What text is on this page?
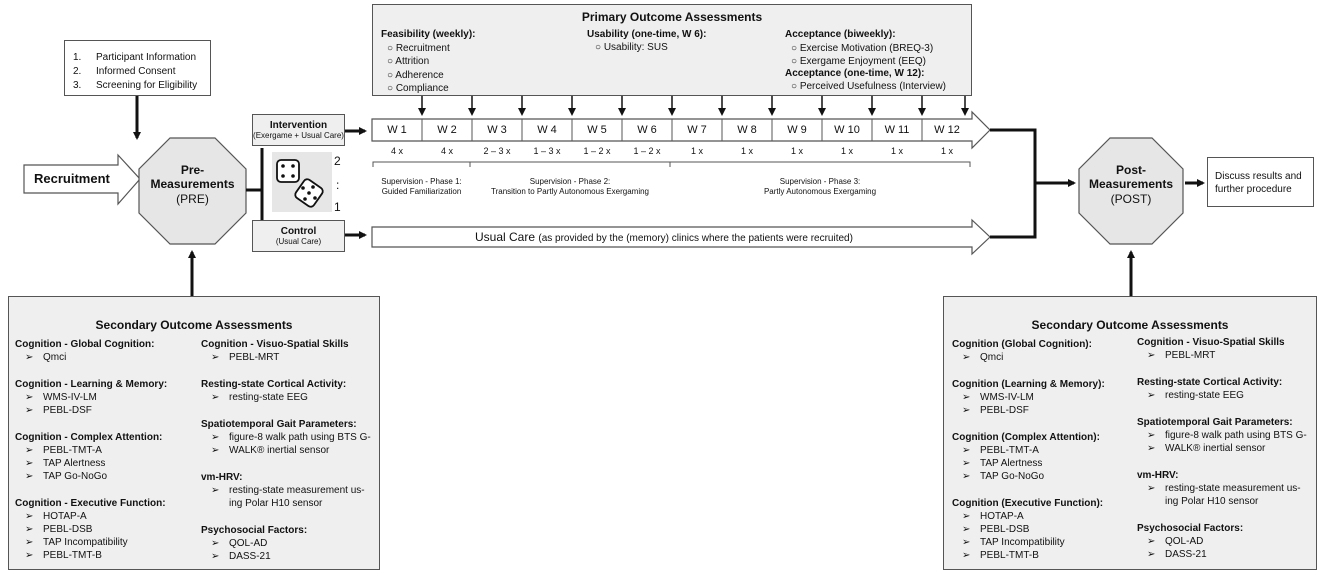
1. Participant Information
2. Informed Consent
3. Screening for Eligibility
Recruitment
Pre-
Measurements
(PRE)
Post-
Measurements
(POST)
Discuss results and further procedure
2
:
1
Intervention
(Exergame + Usual Care)
Control
(Usual Care)	Usual Care (as provided by the (memory) clinics where the patients were recruited)
Primary Outcome Assessments
Feasibility (weekly):
○ Recruitment
○ Attrition
○ Adherence
○ Compliance
Usability (one-time, W 6):
○ Usability: SUS
Acceptance (biweekly):
○ Exercise Motivation (BREQ-3)
○ Exergame Enjoyment (EEQ)
Acceptance (one-time, W 12):
○ Perceived Usefulness (Interview)
W 1	W 2	W 3	W 4	W 5	W 6	W 7	W 8	W 9	W 10	W 11	W 12
4 x	4 x	2 – 3 x	1 – 3 x	1 – 2 x	1 – 2 x	1 x	1 x	1 x	1 x	1 x	1 x
Supervision - Phase 1:
Guided Familiarization
Supervision - Phase 2:
Transition to Partly Autonomous Exergaming
Supervision - Phase 3:
Partly Autonomous Exergaming
Secondary Outcome Assessments
Cognition - Global Cognition:
➢ Qmci
Cognition - Learning & Memory:
➢ WMS-IV-LM
➢ PEBL-DSF
Cognition - Complex Attention:
➢ PEBL-TMT-A
➢ TAP Alertness
➢ TAP Go-NoGo
Cognition - Executive Function:
➢ HOTAP-A
➢ PEBL-DSB
➢ TAP Incompatibility
➢ PEBL-TMT-B
Cognition - Visuo-Spatial Skills
➢ PEBL-MRT
Resting-state Cortical Activity:
➢ resting-state EEG
Spatiotemporal Gait Parameters:
➢ figure-8 walk path using BTS G-
➢ WALK® inertial sensor
vm-HRV:
➢ resting-state measurement us-
ing Polar H10 sensor
Psychosocial Factors:
➢ QOL-AD
➢ DASS-21
Secondary Outcome Assessments
Cognition (Global Cognition):
➢ Qmci
Cognition (Learning & Memory):
➢ WMS-IV-LM
➢ PEBL-DSF
Cognition (Complex Attention):
➢ PEBL-TMT-A
➢ TAP Alertness
➢ TAP Go-NoGo
Cognition (Executive Function):
➢ HOTAP-A
➢ PEBL-DSB
➢ TAP Incompatibility
➢ PEBL-TMT-B
Cognition - Visuo-Spatial Skills
➢ PEBL-MRT
Resting-state Cortical Activity:
➢ resting-state EEG
Spatiotemporal Gait Parameters:
➢ figure-8 walk path using BTS G-
➢ WALK® inertial sensor
vm-HRV:
➢ resting-state measurement us-
ing Polar H10 sensor
Psychosocial Factors:
➢ QOL-AD
➢ DASS-21
